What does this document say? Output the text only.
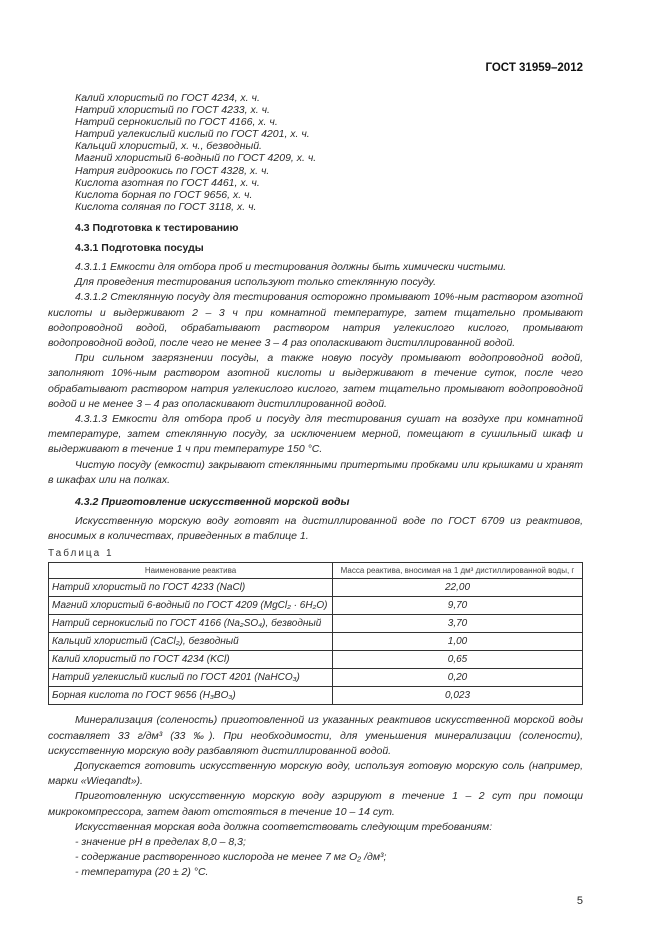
ГОСТ 31959–2012
Калий хлористый по ГОСТ 4234, х. ч.
Натрий хлористый по ГОСТ 4233, х. ч.
Натрий сернокислый по ГОСТ 4166, х. ч.
Натрий углекислый кислый по ГОСТ 4201, х. ч.
Кальций хлористый, х. ч., безводный.
Магний хлористый 6-водный по ГОСТ 4209, х. ч.
Натрия гидроокись по ГОСТ 4328, х. ч.
Кислота азотная по ГОСТ 4461, х. ч.
Кислота борная по ГОСТ 9656, х. ч.
Кислота соляная по ГОСТ 3118, х. ч.
4.3 Подготовка к тестированию
4.3.1 Подготовка посуды

4.3.1.1 Емкости для отбора проб и тестирования должны быть химически чистыми.

Для проведения тестирования используют только стеклянную посуду.

4.3.1.2 Стеклянную посуду для тестирования осторожно промывают 10%-ным раствором азотной кислоты и выдерживают 2 – 3 ч при комнатной температуре, затем тщательно промывают водопроводной водой, обрабатывают раствором натрия углекислого кислого, промывают водопроводной водой, после чего не менее 3 – 4 раз ополаскивают дистиллированной водой.

При сильном загрязнении посуды, а также новую посуду промывают водопроводной водой, заполняют 10%-ным раствором азотной кислоты и выдерживают в течение суток, после чего обрабатывают раствором натрия углекислого кислого, затем тщательно промывают водопроводной водой и не менее 3 – 4 раз ополаскивают дистиллированной водой.

4.3.1.3 Емкости для отбора проб и посуду для тестирования сушат на воздухе при комнатной температуре, затем стеклянную посуду, за исключением мерной, помещают в сушильный шкаф и выдерживают в течение 1 ч при температуре 150 °С.

Чистую посуду (емкости) закрывают стеклянными притертыми пробками или крышками и хранят в шкафах или на полках.

4.3.2 Приготовление искусственной морской воды

Искусственную морскую воду готовят на дистиллированной воде по ГОСТ 6709 из реактивов, вносимых в количествах, приведенных в таблице 1.

Таблица 1
Наименование реактива	Масса реактива, вносимая на 1 дм³ дистиллированной воды, г
Натрий хлористый по ГОСТ 4233 (NaCl)	22,00
Магний хлористый 6-водный по ГОСТ 4209 (MgCl₂ · 6H₂O)	9,70
Натрий сернокислый по ГОСТ 4166 (Na₂SO₄), безводный	3,70
Кальций хлористый (CaCl₂), безводный	1,00
Калий хлористый по ГОСТ 4234 (KCl)	0,65
Натрий углекислый кислый по ГОСТ 4201 (NaHCO₃)	0,20
Борная кислота по ГОСТ 9656 (H₃BO₃)	0,023

Минерализация (соленость) приготовленной из указанных реактивов искусственной морской воды составляет 33 г/дм³ (33 ‰). При необходимости, для уменьшения минерализации (солености), искусственную морскую воду разбавляют дистиллированной водой.

Допускается готовить искусственную морскую воду, используя готовую морскую соль (например, марки «Wieqandt»).

Приготовленную искусственную морскую воду аэрируют в течение 1 – 2 сут при помощи микрокомпрессора, затем дают отстояться в течение 10 – 14 сут.

Искусственная морская вода должна соответствовать следующим требованиям:

- значение pH в пределах 8,0 – 8,3;
- содержание растворенного кислорода не менее 7 мг O₂ /дм³;
- температура (20 ± 2) °С.
5
